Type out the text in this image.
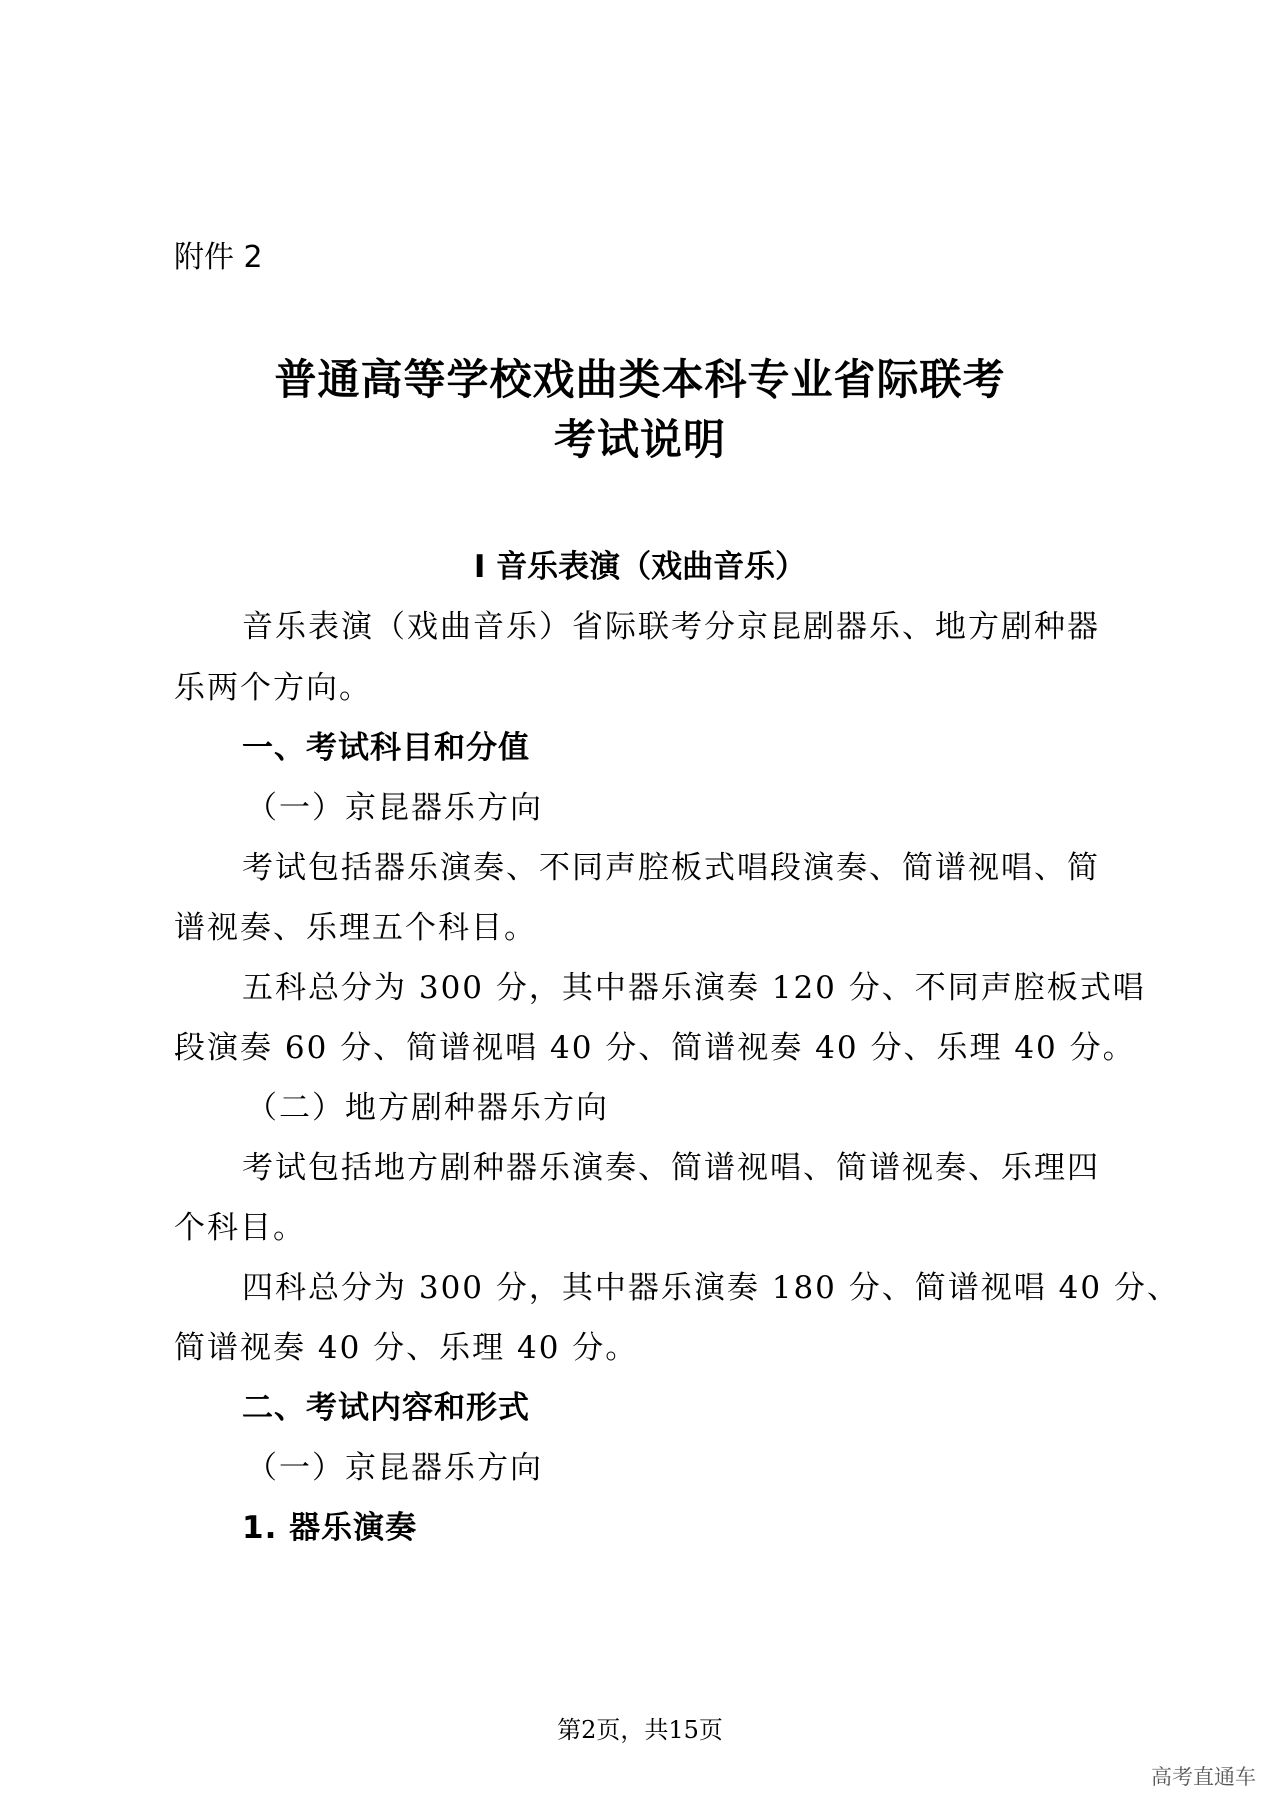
附件 2
普通高等学校戏曲类本科专业省际联考
考试说明
I 音乐表演（戏曲音乐）
音乐表演（戏曲音乐）省际联考分京昆剧器乐、地方剧种器
乐两个方向。
一、考试科目和分值
（一）京昆器乐方向
考试包括器乐演奏、不同声腔板式唱段演奏、简谱视唱、简
谱视奏、乐理五个科目。
五科总分为 300 分，其中器乐演奏 120 分、不同声腔板式唱
段演奏 60 分、简谱视唱 40 分、简谱视奏 40 分、乐理 40 分。
（二）地方剧种器乐方向
考试包括地方剧种器乐演奏、简谱视唱、简谱视奏、乐理四
个科目。
四科总分为 300 分，其中器乐演奏 180 分、简谱视唱 40 分、
简谱视奏 40 分、乐理 40 分。
二、考试内容和形式
（一）京昆器乐方向
1. 器乐演奏
第2页，共15页
高考直通车
